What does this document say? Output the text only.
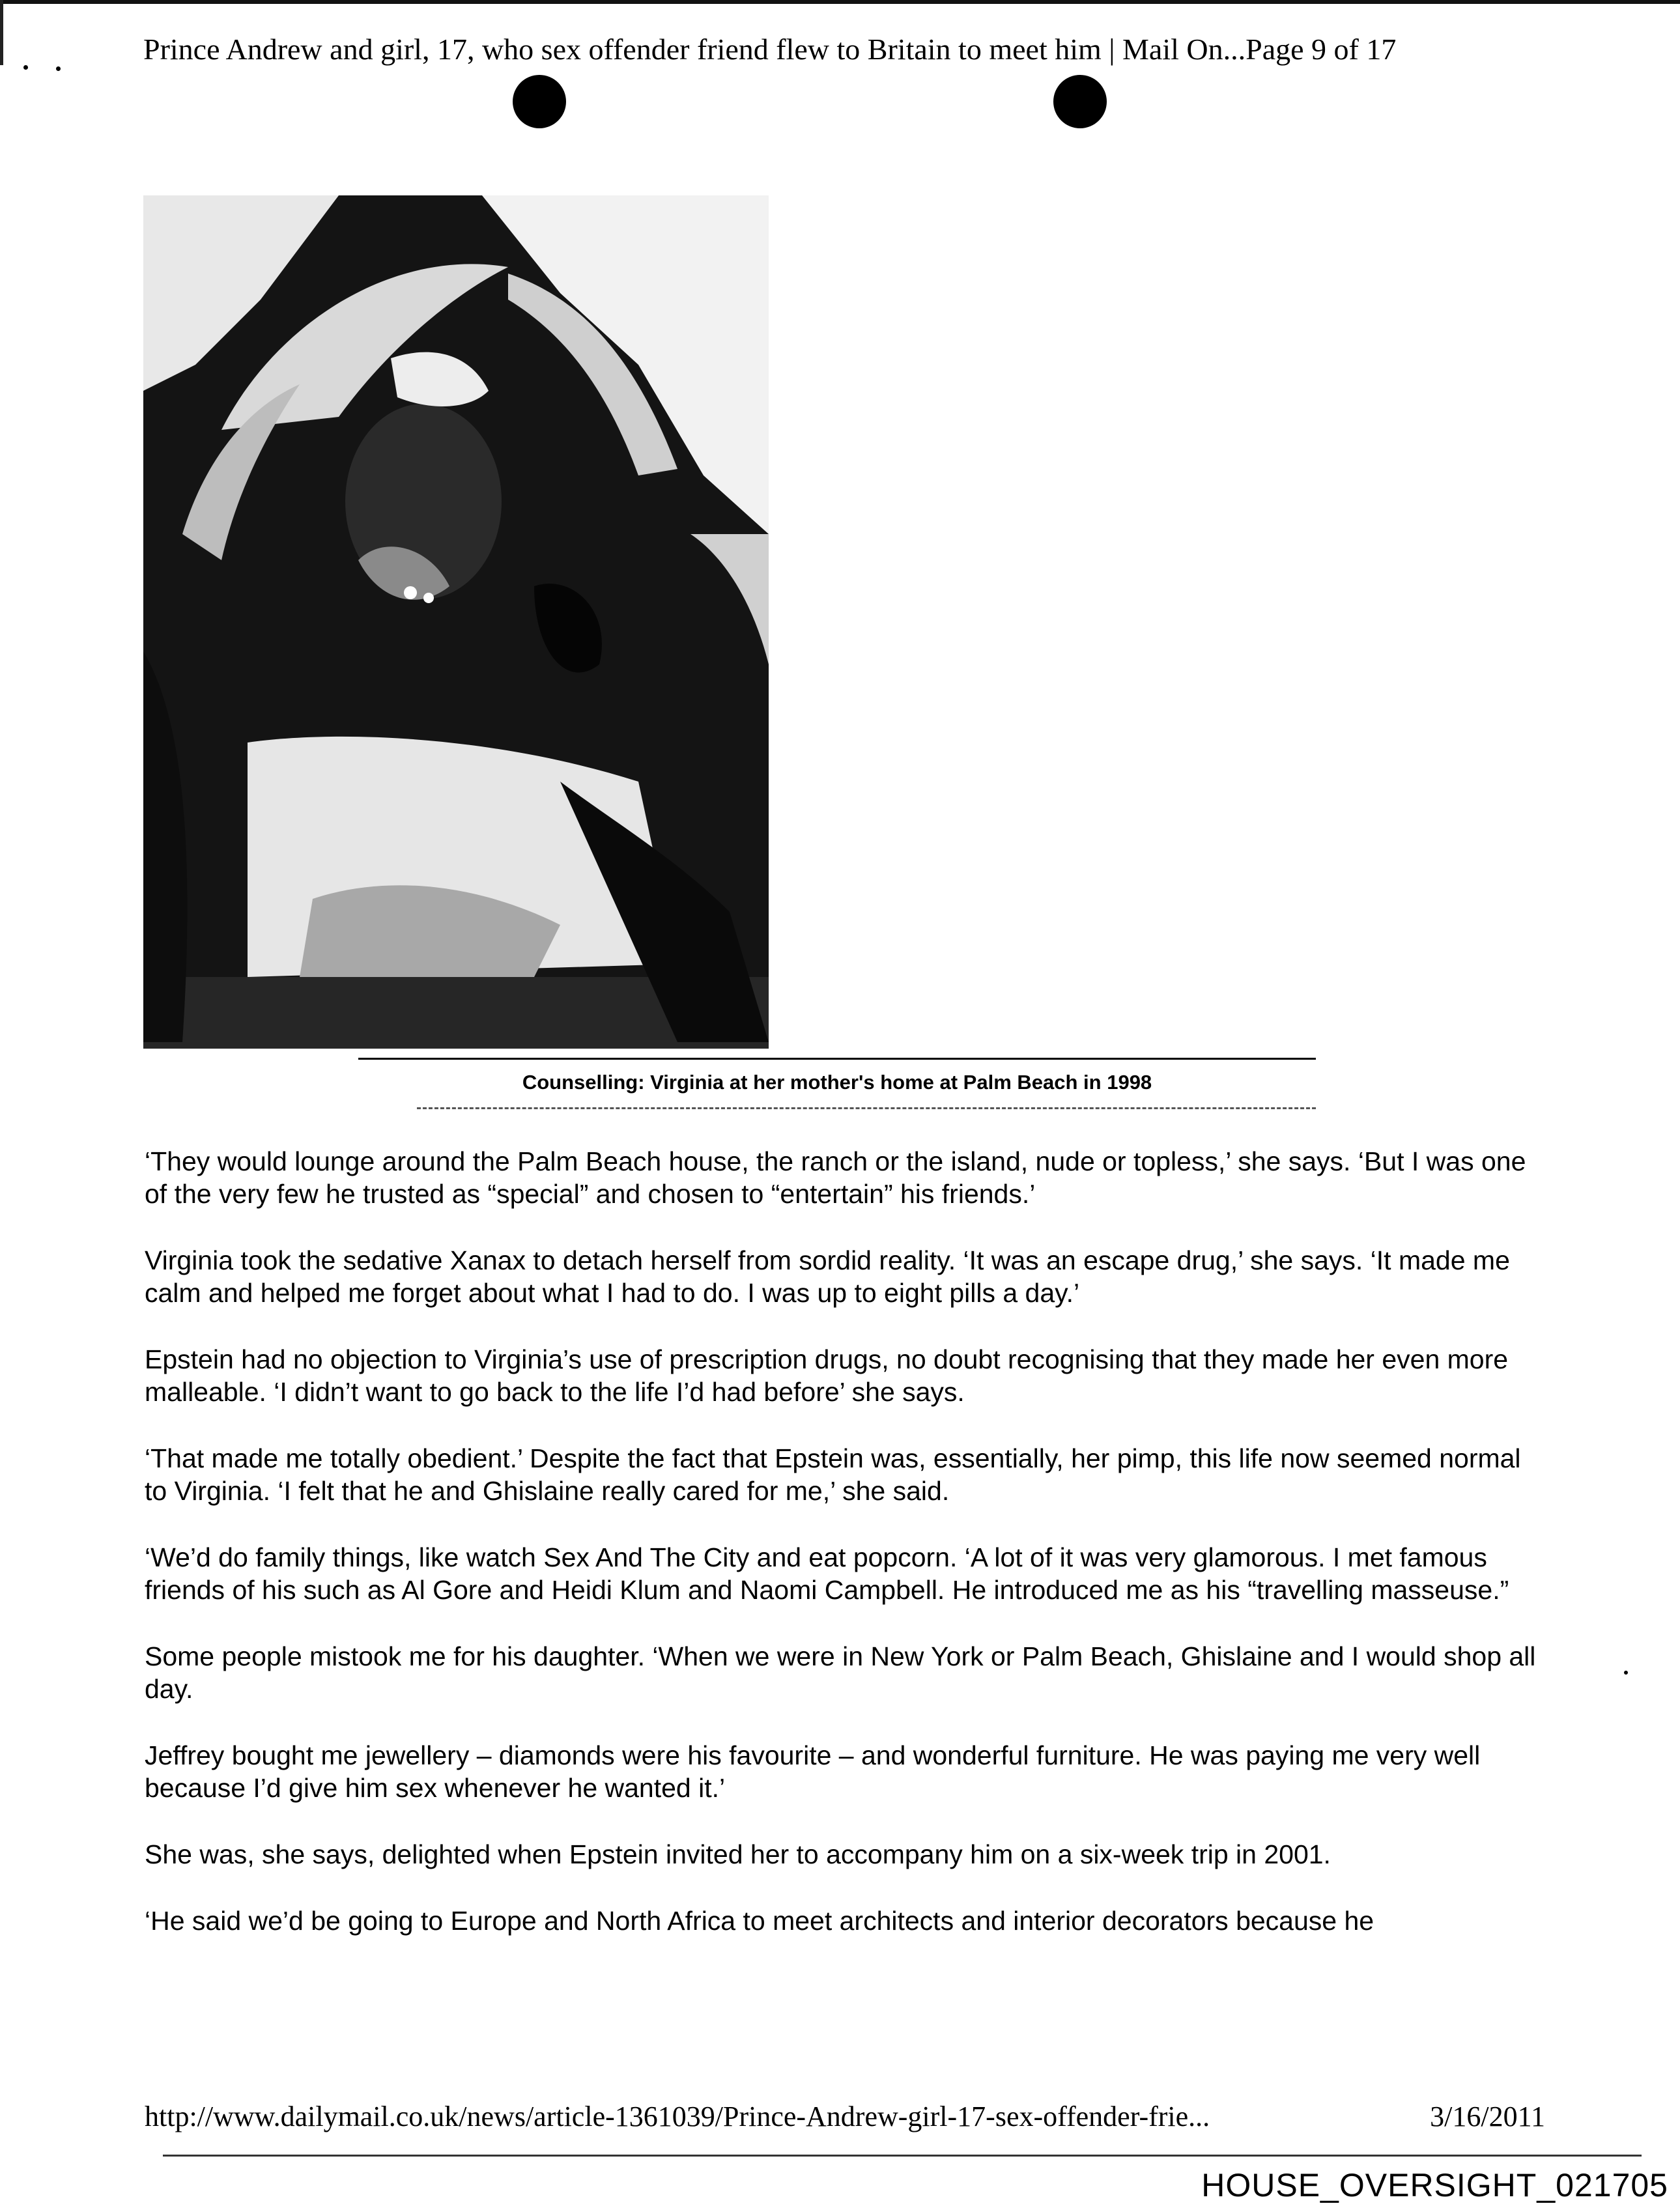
Prince Andrew and girl, 17, who sex offender friend flew to Britain to meet him | Mail On...Page 9 of 17
Counselling: Virginia at her mother's home at Palm Beach in 1998

‘They would lounge around the Palm Beach house, the ranch or the island, nude or topless,’ she says. ‘But I was one of the very few he trusted as “special” and chosen to “entertain” his friends.’

Virginia took the sedative Xanax to detach herself from sordid reality. ‘It was an escape drug,’ she says. ‘It made me calm and helped me forget about what I had to do. I was up to eight pills a day.’

Epstein had no objection to Virginia’s use of prescription drugs, no doubt recognising that they made her even more malleable. ‘I didn’t want to go back to the life I’d had before’ she says.

‘That made me totally obedient.’ Despite the fact that Epstein was, essentially, her pimp, this life now seemed normal to Virginia. ‘I felt that he and Ghislaine really cared for me,’ she said.

‘We’d do family things, like watch Sex And The City and eat popcorn. ‘A lot of it was very glamorous. I met famous friends of his such as Al Gore and Heidi Klum and Naomi Campbell. He introduced me as his “travelling masseuse.”

Some people mistook me for his daughter. ‘When we were in New York or Palm Beach, Ghislaine and I would shop all day.

Jeffrey bought me jewellery – diamonds were his favourite – and wonderful furniture. He was paying me very well because I’d give him sex whenever he wanted it.’

She was, she says, delighted when Epstein invited her to accompany him on a six-week trip in 2001.

‘He said we’d be going to Europe and North Africa to meet architects and interior decorators because he

http://www.dailymail.co.uk/news/article-1361039/Prince-Andrew-girl-17-sex-offender-frie...	3/16/2011
HOUSE_OVERSIGHT_021705
